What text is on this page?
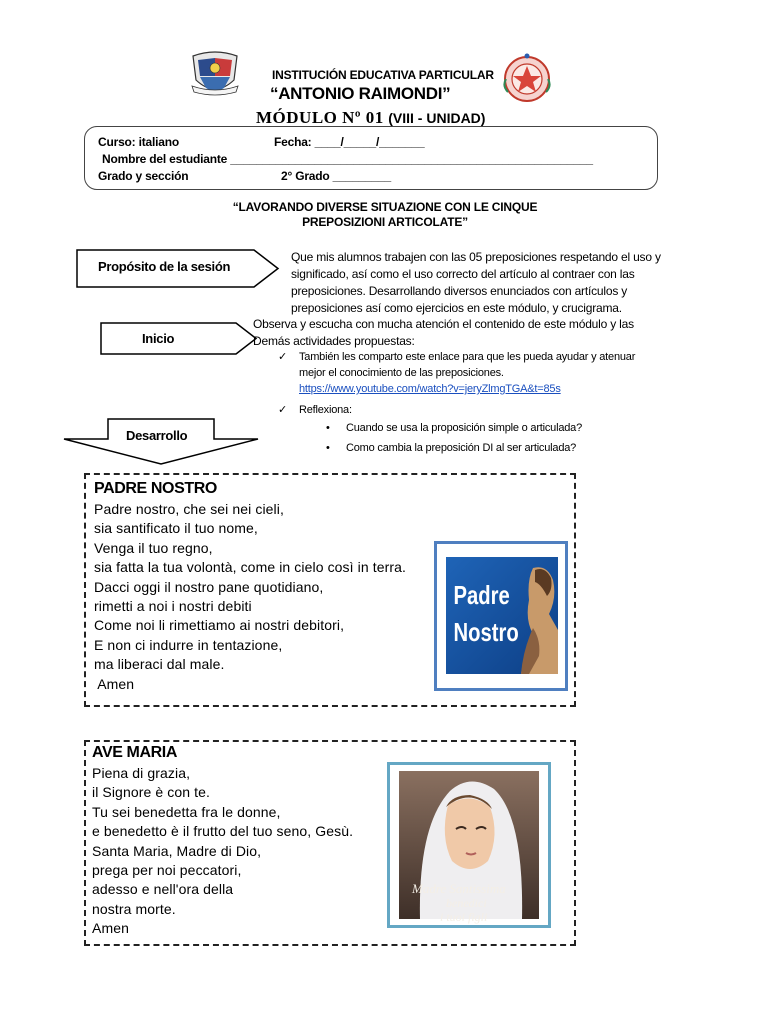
INSTITUCIÓN EDUCATIVA PARTICULAR
“ANTONIO RAIMONDI”
MÓDULO Nº 01 (VIII - UNIDAD)
Curso: italiano	Fecha: ____/_____/_______
Nombre del estudiante ________________________________________________________
Grado y sección	2° Grado _________
“LAVORANDO DIVERSE SITUAZIONE CON LE CINQUE
PREPOSIZIONI ARTICOLATE”
Propósito de la sesión
Que mis alumnos trabajen con las 05 preposiciones respetando el uso y
significado, así como el uso correcto del artículo al contraer con las
preposiciones. Desarrollando diversos enunciados con artículos y
preposiciones así como ejercicios en este módulo, y crucigrama.
Inicio
Observa y escucha con mucha atención el contenido de este módulo y las
Demás actividades propuestas:
✓ También les comparto este enlace para que les pueda ayudar y atenuar
mejor el conocimiento de las preposiciones.
https://www.youtube.com/watch?v=jeryZlmgTGA&t=85s
✓ Reflexiona:
• Cuando se usa la proposición simple o articulada?
• Como cambia la preposición DI al ser articulada?
Desarrollo
PADRE NOSTRO
Padre nostro, che sei nei cieli,
sia santificato il tuo nome,
Venga il tuo regno,
sia fatta la tua volontà, come in cielo così in terra.
Dacci oggi il nostro pane quotidiano,
rimetti a noi i nostri debiti
Come noi li rimettiamo ai nostri debitori,
E non ci indurre in tentazione,
ma liberaci dal male.
Amen
Padre
Nostro
AVE MARIA
Piena di grazia,
il Signore è con te.
Tu sei benedetta fra le donne,
e benedetto è il frutto del tuo seno, Gesù.
Santa Maria, Madre di Dio,
prega per noi peccatori,
adesso e nell'ora della
nostra morte.
Amen
Madre Santissima
benedici
i tuoi figli
